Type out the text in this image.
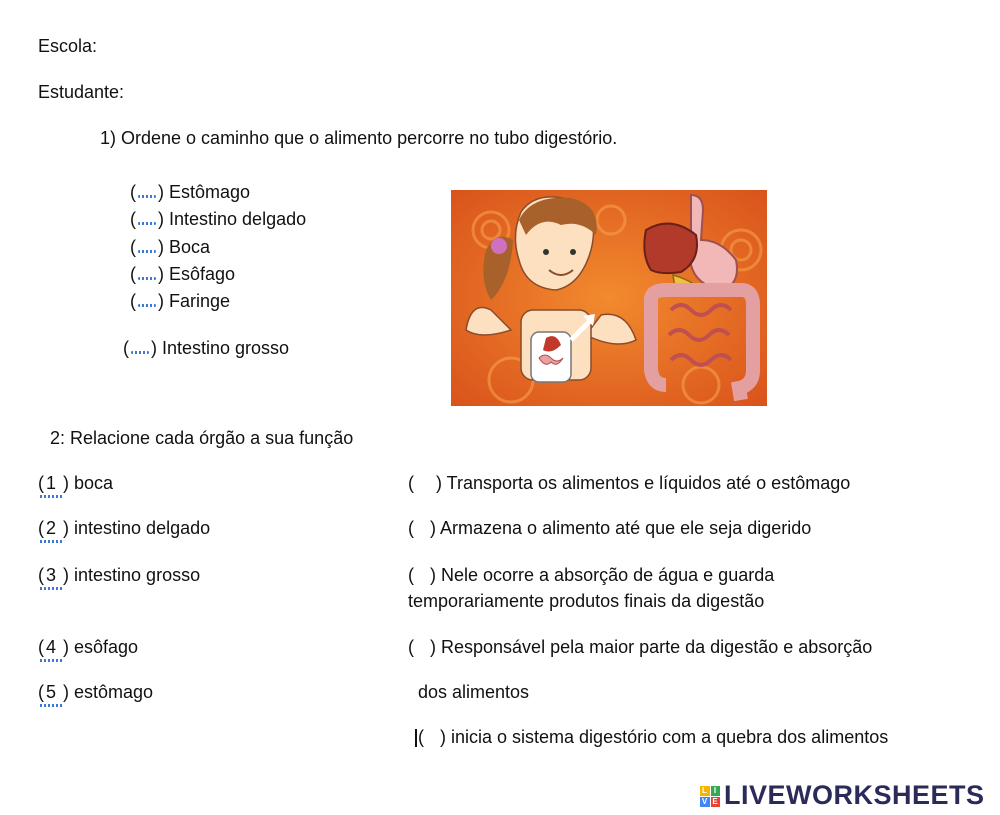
Escola:
Estudante:
1) Ordene o caminho que o alimento percorre no tubo digestório.
( ) Estômago
( ) Intestino delgado
( ) Boca
( ) Esôfago
( ) Faringe
( ) Intestino grosso
2: Relacione cada órgão a sua função
( 1 ) boca
( 2 ) intestino delgado
( 3 ) intestino grosso
( 4 ) esôfago
( 5 ) estômago
( ) Transporta os alimentos e líquidos até o estômago
( ) Armazena o alimento até que ele seja digerido
( ) Nele ocorre a absorção de água e guarda
temporariamente produtos finais da digestão
( ) Responsável pela maior parte da digestão e absorção
dos alimentos
( ) inicia o sistema digestório com a quebra dos alimentos
L I
V E LIVEWORKSHEETS
